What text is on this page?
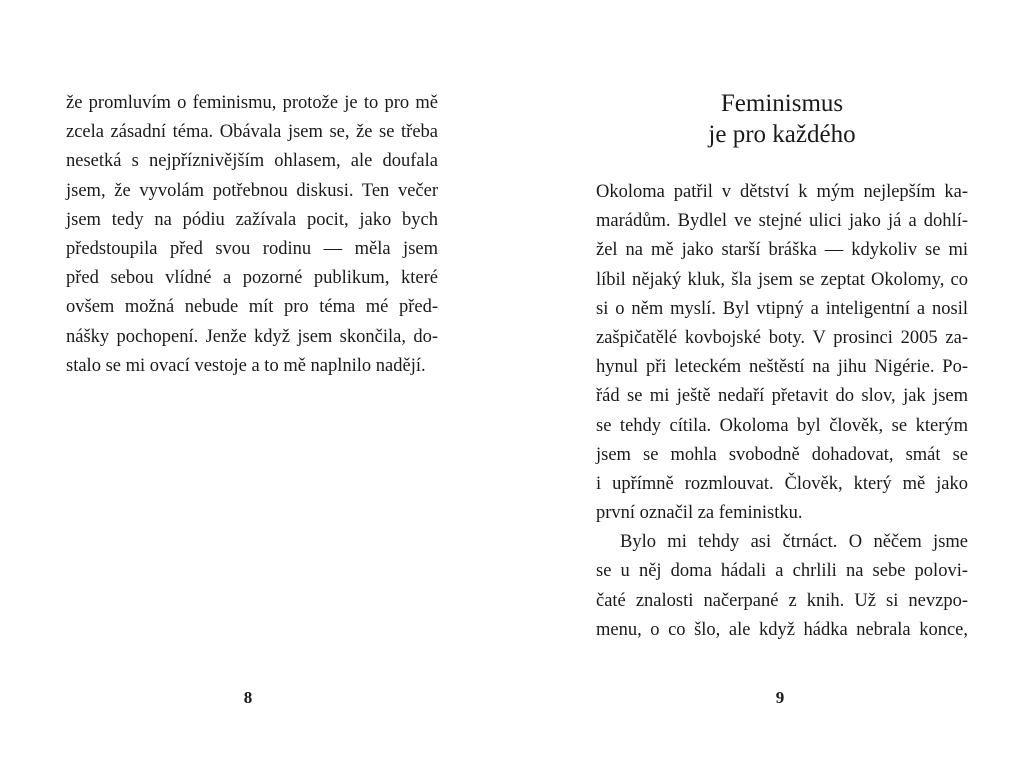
že promluvím o feminismu, protože je to pro mě
zcela zásadní téma. Obávala jsem se, že se třeba
nesetká s nejpříznivějším ohlasem, ale doufala
jsem, že vyvolám potřebnou diskusi. Ten večer
jsem tedy na pódiu zažívala pocit, jako bych
předstoupila před svou rodinu — měla jsem
před sebou vlídné a pozorné publikum, které
ovšem možná nebude mít pro téma mé před-
nášky pochopení. Jenže když jsem skončila, do-
stalo se mi ovací vestoje a to mě naplnilo nadějí.
8
Feminismus
je pro každého
Okoloma patřil v dětství k mým nejlepším ka-
marádům. Bydlel ve stejné ulici jako já a dohlí-
žel na mě jako starší bráška — kdykoliv se mi
líbil nějaký kluk, šla jsem se zeptat Okolomy, co
si o něm myslí. Byl vtipný a inteligentní a nosil
zašpičatělé kovbojské boty. V prosinci 2005 za-
hynul při leteckém neštěstí na jihu Nigérie. Po-
řád se mi ještě nedaří přetavit do slov, jak jsem
se tehdy cítila. Okoloma byl člověk, se kterým
jsem se mohla svobodně dohadovat, smát se
i upřímně rozmlouvat. Člověk, který mě jako
první označil za feministku.
Bylo mi tehdy asi čtrnáct. O něčem jsme
se u něj doma hádali a chrlili na sebe polovi-
čaté znalosti načerpané z knih. Už si nevzpo-
menu, o co šlo, ale když hádka nebrala konce,
9
